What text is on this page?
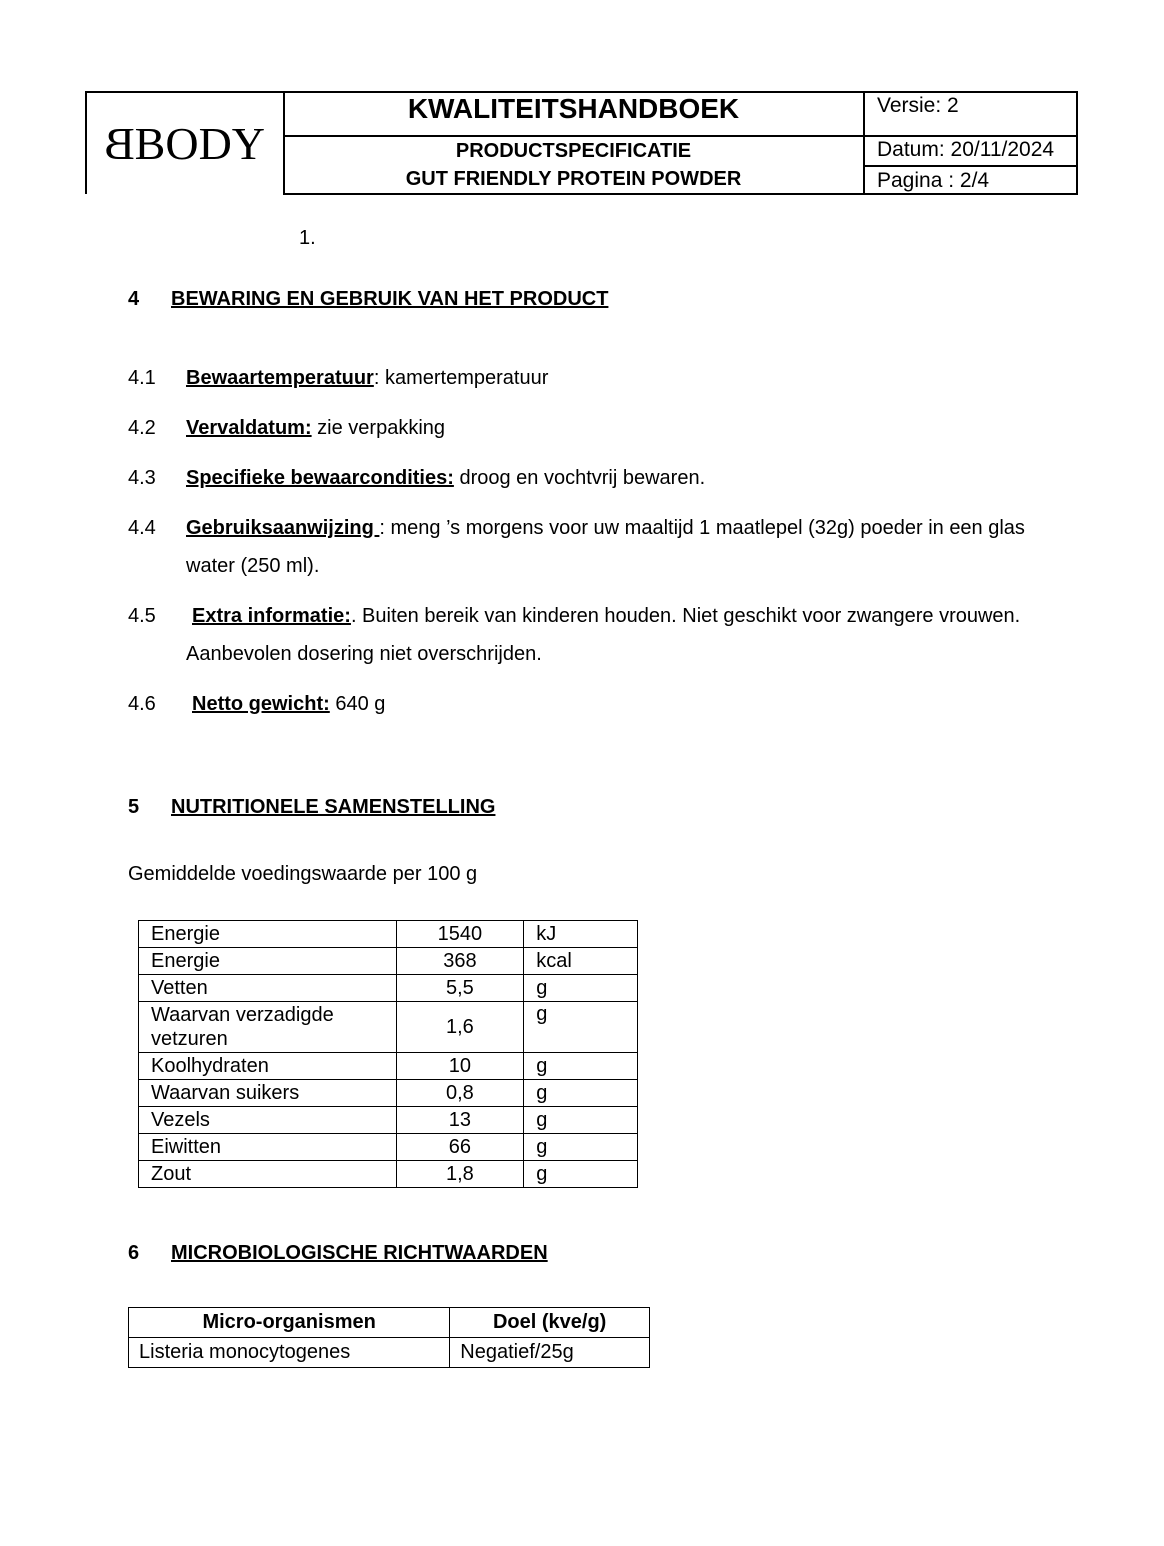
BBODY
KWALITEITSHANDBOEK
PRODUCTSPECIFICATIE
GUT FRIENDLY PROTEIN POWDER
Versie: 2
Datum: 20/11/2024
Pagina : 2/4
1.
4 BEWARING EN GEBRUIK VAN HET PRODUCT
4.1 Bewaartemperatuur: kamertemperatuur
4.2 Vervaldatum: zie verpakking
4.3 Specifieke bewaarcondities: droog en vochtvrij bewaren.
4.4 Gebruiksaanwijzing : meng ’s morgens voor uw maaltijd 1 maatlepel (32g) poeder in een glas water (250 ml).
4.5	Extra informatie:. Buiten bereik van kinderen houden. Niet geschikt voor zwangere vrouwen. Aanbevolen dosering niet overschrijden.
4.6	Netto gewicht: 640 g
5 NUTRITIONELE SAMENSTELLING
Gemiddelde voedingswaarde per 100 g
Energie	1540	kJ
Energie	368	kcal
Vetten	5,5	g
Waarvan verzadigde vetzuren	1,6	g
Koolhydraten	10	g
Waarvan suikers	0,8	g
Vezels	13	g
Eiwitten	66	g
Zout	1,8	g
6 MICROBIOLOGISCHE RICHTWAARDEN
Micro-organismen	Doel (kve/g)
Listeria monocytogenes	Negatief/25g
